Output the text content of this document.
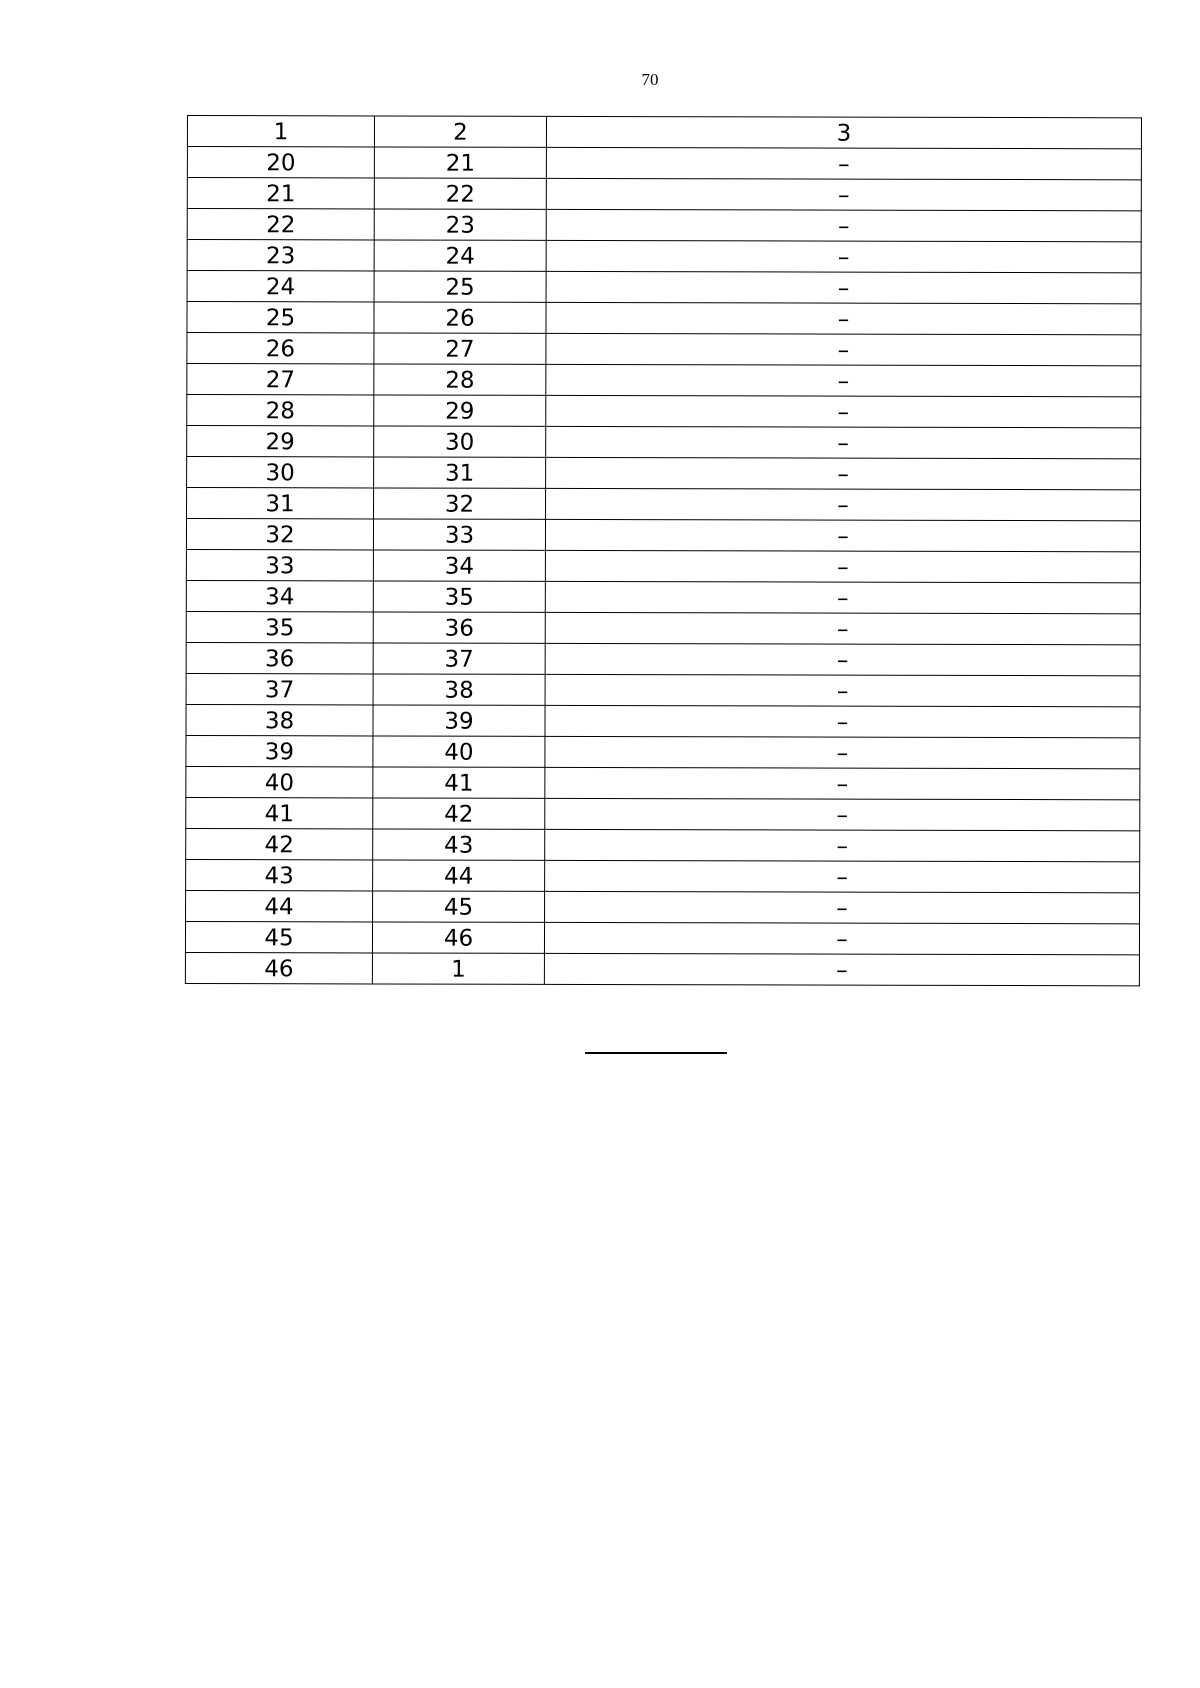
70
1	2	3
20	21	–
21	22	–
22	23	–
23	24	–
24	25	–
25	26	–
26	27	–
27	28	–
28	29	–
29	30	–
30	31	–
31	32	–
32	33	–
33	34	–
34	35	–
35	36	–
36	37	–
37	38	–
38	39	–
39	40	–
40	41	–
41	42	–
42	43	–
43	44	–
44	45	–
45	46	–
46	1	–
